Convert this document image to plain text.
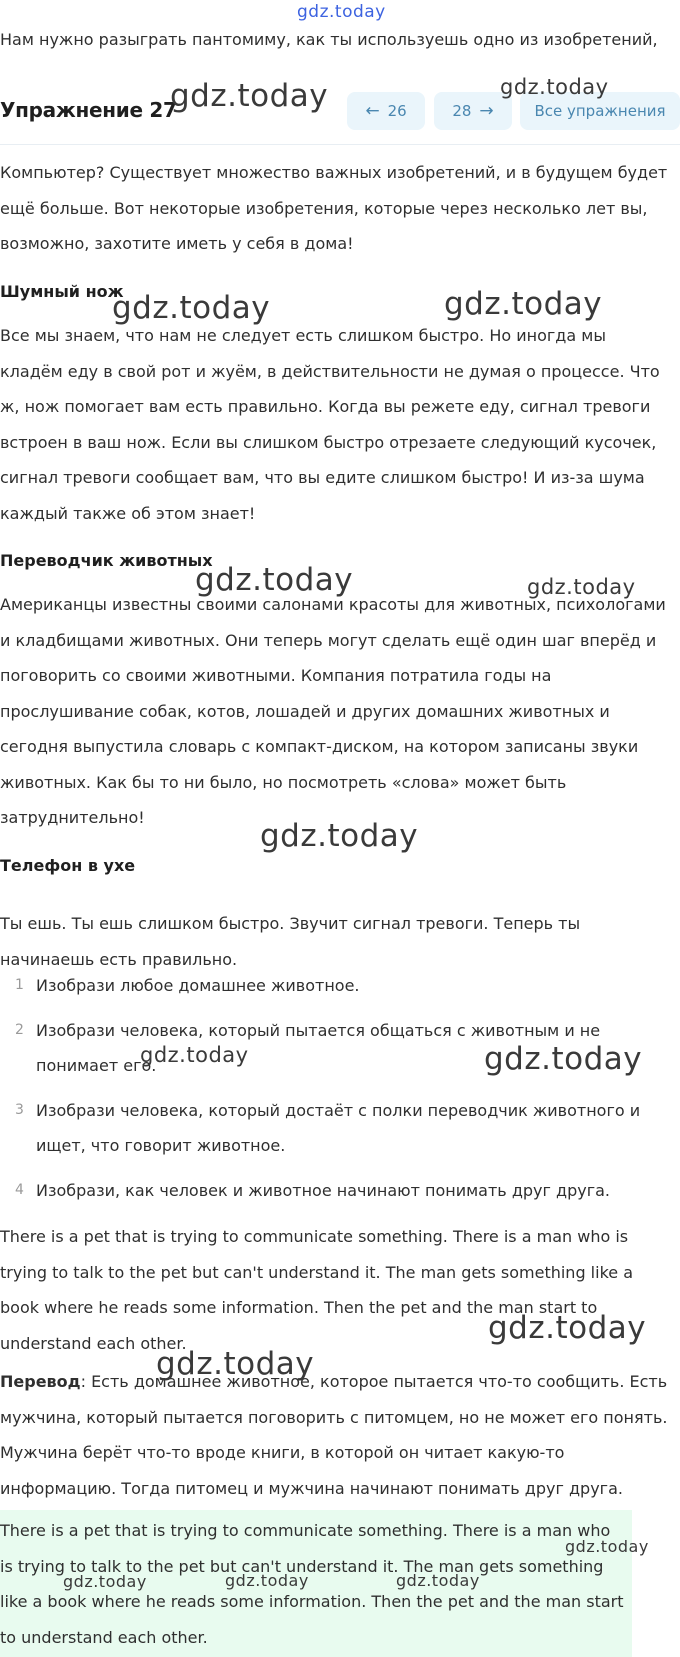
Нам нужно разыграть пантомиму, как ты используешь одно из изобретений,
Упражнение 27	← 26	28 →	Все упражнения
Компьютер? Существует множество важных изобретений, и в будущем будет ещё больше. Вот некоторые изобретения, которые через несколько лет вы, возможно, захотите иметь у себя в дома!
Шумный нож
Все мы знаем, что нам не следует есть слишком быстро. Но иногда мы кладём еду в свой рот и жуём, в действительности не думая о процессе. Что ж, нож помогает вам есть правильно. Когда вы режете еду, сигнал тревоги встроен в ваш нож. Если вы слишком быстро отрезаете следующий кусочек, сигнал тревоги сообщает вам, что вы едите слишком быстро! И из-за шума каждый также об этом знает!
Переводчик животных
Американцы известны своими салонами красоты для животных, психологами и кладбищами животных. Они теперь могут сделать ещё один шаг вперёд и поговорить со своими животными. Компания потратила годы на прослушивание собак, котов, лошадей и других домашних животных и сегодня выпустила словарь с компакт-диском, на котором записаны звуки животных. Как бы то ни было, но посмотреть «слова» может быть затруднительно!
Телефон в ухе
Ты ешь. Ты ешь слишком быстро. Звучит сигнал тревоги. Теперь ты начинаешь есть правильно.
1 Изобрази любое домашнее животное.
2 Изобрази человека, который пытается общаться с животным и не понимает его.
3 Изобрази человека, который достаёт с полки переводчик животного и ищет, что говорит животное.
4 Изобрази, как человек и животное начинают понимать друг друга.
There is a pet that is trying to communicate something. There is a man who is trying to talk to the pet but can't understand it. The man gets something like a book where he reads some information. Then the pet and the man start to understand each other.
Перевод: Есть домашнее животное, которое пытается что-то сообщить. Есть мужчина, который пытается поговорить с питомцем, но не может его понять. Мужчина берёт что-то вроде книги, в которой он читает какую-то информацию. Тогда питомец и мужчина начинают понимать друг друга.
There is a pet that is trying to communicate something. There is a man who is trying to talk to the pet but can't understand it. The man gets something like a book where he reads some information. Then the pet and the man start to understand each other.
gdz.today
gdz.today	gdz.today
gdz.today	gdz.today
gdz.today	gdz.today
gdz.today
gdz.today	gdz.today
gdz.today
gdz.today
gdz.today
gdz.today	gdz.today	gdz.today
